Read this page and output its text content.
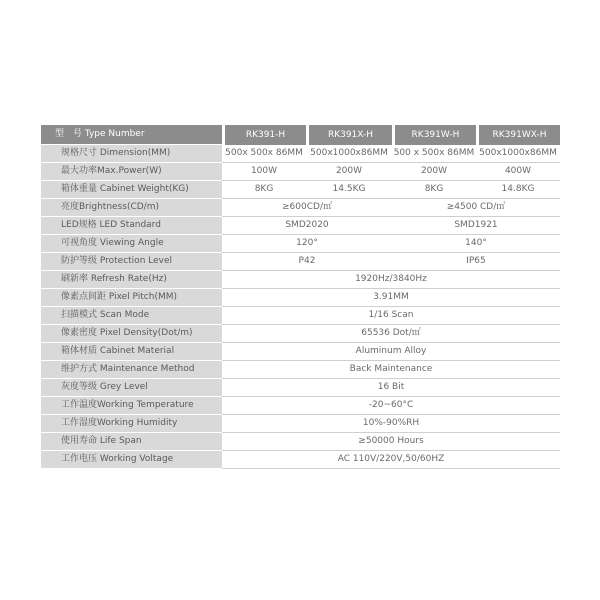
型　号 Type Number	RK391-H	RK391X-H	RK391W-H	RK391WX-H
规格尺寸 Dimension(MM)	500x 500x 86MM	500x1000x86MM	500 x 500x 86MM	500x1000x86MM
最大功率Max.Power(W)	100W	200W	200W	400W
箱体重量 Cabinet Weight(KG)	8KG	14.5KG	8KG	14.8KG
亮度Brightness(CD/m)	≥600CD/㎡		≥4500 CD/㎡	
LED规格 LED Standard	SMD2020		SMD1921	
可视角度 Viewing Angle	120°		140°	
防护等级 Protection Level	P42		IP65	
刷新率 Refresh Rate(Hz)	1920Hz/3840Hz			
像素点间距 Pixel Pitch(MM)	3.91MM			
扫描模式 Scan Mode	1/16 Scan			
像素密度 Pixel Density(Dot/m)	65536 Dot/㎡			
箱体材质 Cabinet Material	Aluminum Alloy			
维护方式 Maintenance Method	Back Maintenance			
灰度等级 Grey Level	16 Bit			
工作温度Working Temperature	-20~60°C			
工作湿度Working Humidity	10%-90%RH			
使用寿命 Life Span	≥50000 Hours			
工作电压 Working Voltage	AC 110V/220V,50/60HZ			
